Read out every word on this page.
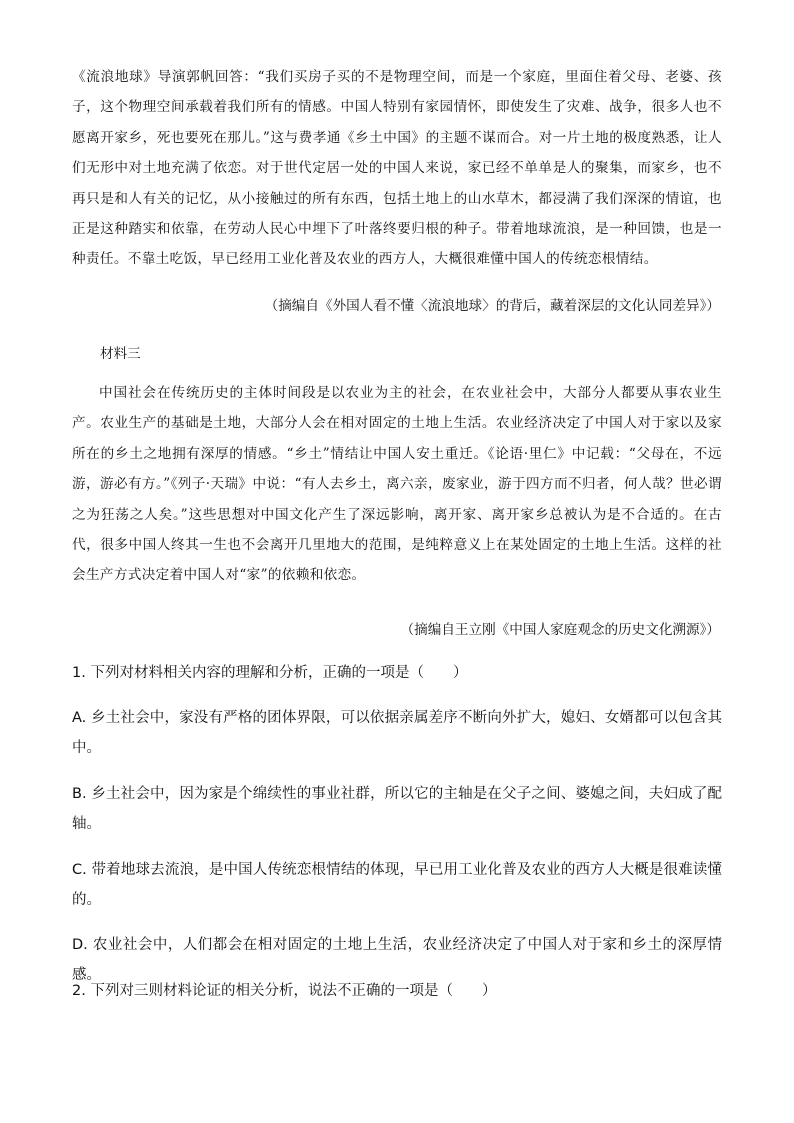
《流浪地球》导演郭帆回答：“我们买房子买的不是物理空间，而是一个家庭，里面住着父母、老婆、孩子，这个物理空间承载着我们所有的情感。中国人特别有家园情怀，即使发生了灾难、战争，很多人也不愿离开家乡，死也要死在那儿。”这与费孝通《乡土中国》的主题不谋而合。对一片土地的极度熟悉，让人们无形中对土地充满了依恋。对于世代定居一处的中国人来说，家已经不单单是人的聚集，而家乡，也不再只是和人有关的记忆，从小接触过的所有东西，包括土地上的山水草木，都浸满了我们深深的情谊，也正是这种踏实和依靠，在劳动人民心中埋下了叶落终要归根的种子。带着地球流浪，是一种回馈，也是一种责任。不靠土吃饭，早已经用工业化普及农业的西方人，大概很难懂中国人的传统恋根情结。

（摘编自《外国人看不懂〈流浪地球〉的背后，藏着深层的文化认同差异》）

材料三

中国社会在传统历史的主体时间段是以农业为主的社会，在农业社会中，大部分人都要从事农业生产。农业生产的基础是土地，大部分人会在相对固定的土地上生活。农业经济决定了中国人对于家以及家所在的乡土之地拥有深厚的情感。“乡土”情结让中国人安土重迁。《论语·里仁》中记载：“父母在，不远游，游必有方。”《列子·天瑞》中说：“有人去乡土，离六亲，废家业，游于四方而不归者，何人哉？世必谓之为狂荡之人矣。”这些思想对中国文化产生了深远影响，离开家、离开家乡总被认为是不合适的。在古代，很多中国人终其一生也不会离开几里地大的范围，是纯粹意义上在某处固定的土地上生活。这样的社会生产方式决定着中国人对“家”的依赖和依恋。

（摘编自王立刚《中国人家庭观念的历史文化溯源》）

1. 下列对材料相关内容的理解和分析，正确的一项是（　　）

A. 乡土社会中，家没有严格的团体界限，可以依据亲属差序不断向外扩大，媳妇、女婿都可以包含其中。

B. 乡土社会中，因为家是个绵续性的事业社群，所以它的主轴是在父子之间、婆媳之间，夫妇成了配轴。

C. 带着地球去流浪，是中国人传统恋根情结的体现，早已用工业化普及农业的西方人大概是很难读懂的。

D. 农业社会中，人们都会在相对固定的土地上生活，农业经济决定了中国人对于家和乡土的深厚情感。

2. 下列对三则材料论证的相关分析，说法不正确的一项是（　　）
